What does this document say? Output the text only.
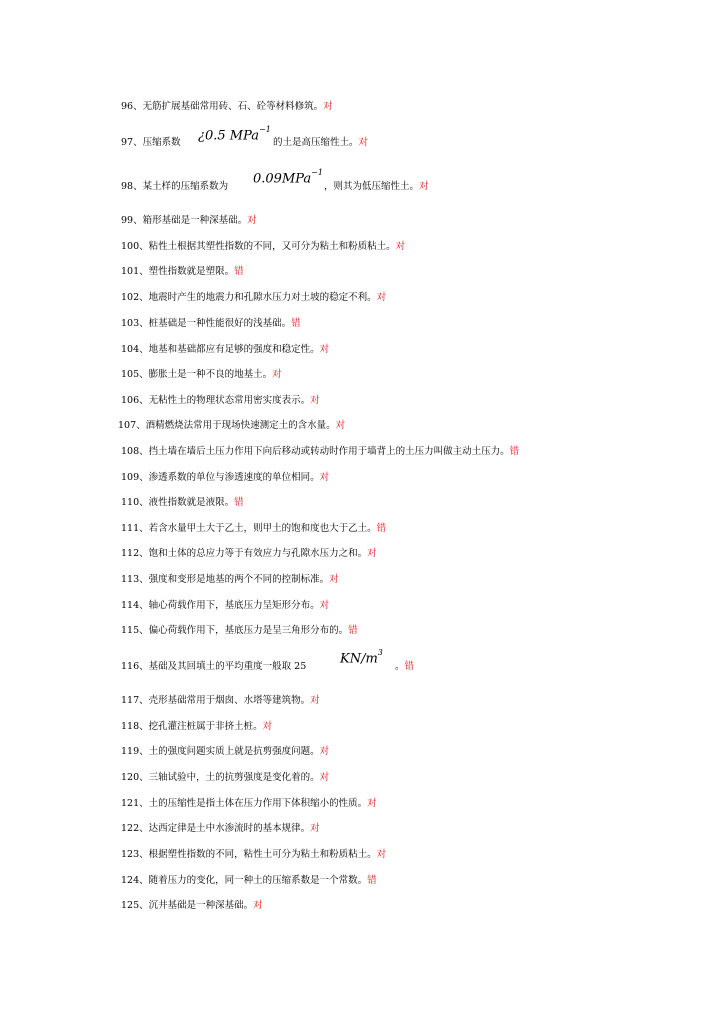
96、无筋扩展基础常用砖、石、砼等材料修筑。对
97、压缩系数 ¿0.5 MPa$^{-1}$
的土是高压缩性土。对
98、某土样的压缩系数为
0.09MPa$^{-1}$
，则其为低压缩性土。对
99、箱形基础是一种深基础。对
100、粘性土根据其塑性指数的不同，又可分为粘土和粉质粘土。对
101、塑性指数就是塑限。错
102、地震时产生的地震力和孔隙水压力对土坡的稳定不利。对
103、桩基础是一种性能很好的浅基础。错
104、地基和基础都应有足够的强度和稳定性。对
105、膨胀土是一种不良的地基土。对
106、无粘性土的物理状态常用密实度表示。对
107、酒精燃烧法常用于现场快速测定土的含水量。对
108、挡土墙在墙后土压力作用下向后移动或转动时作用于墙背上的土压力叫做主动土压力。错
109、渗透系数的单位与渗透速度的单位相同。对
110、液性指数就是液限。错
111、若含水量甲土大于乙土，则甲土的饱和度也大于乙土。错
112、饱和土体的总应力等于有效应力与孔隙水压力之和。对
113、强度和变形是地基的两个不同的控制标准。对
114、轴心荷载作用下，基底压力呈矩形分布。对
115、偏心荷载作用下，基底压力是呈三角形分布的。错
116、基础及其回填土的平均重度一般取 25
$KN/m^3$
。错
117、壳形基础常用于烟囱、水塔等建筑物。对
118、挖孔灌注桩属于非挤土桩。对
119、土的强度问题实质上就是抗剪强度问题。对
120、三轴试验中，土的抗剪强度是变化着的。对
121、土的压缩性是指土体在压力作用下体积缩小的性质。对
122、达西定律是土中水渗流时的基本规律。对
123、根据塑性指数的不同，粘性土可分为粘土和粉质粘土。对
124、随着压力的变化，同一种土的压缩系数是一个常数。错
125、沉井基础是一种深基础。对
